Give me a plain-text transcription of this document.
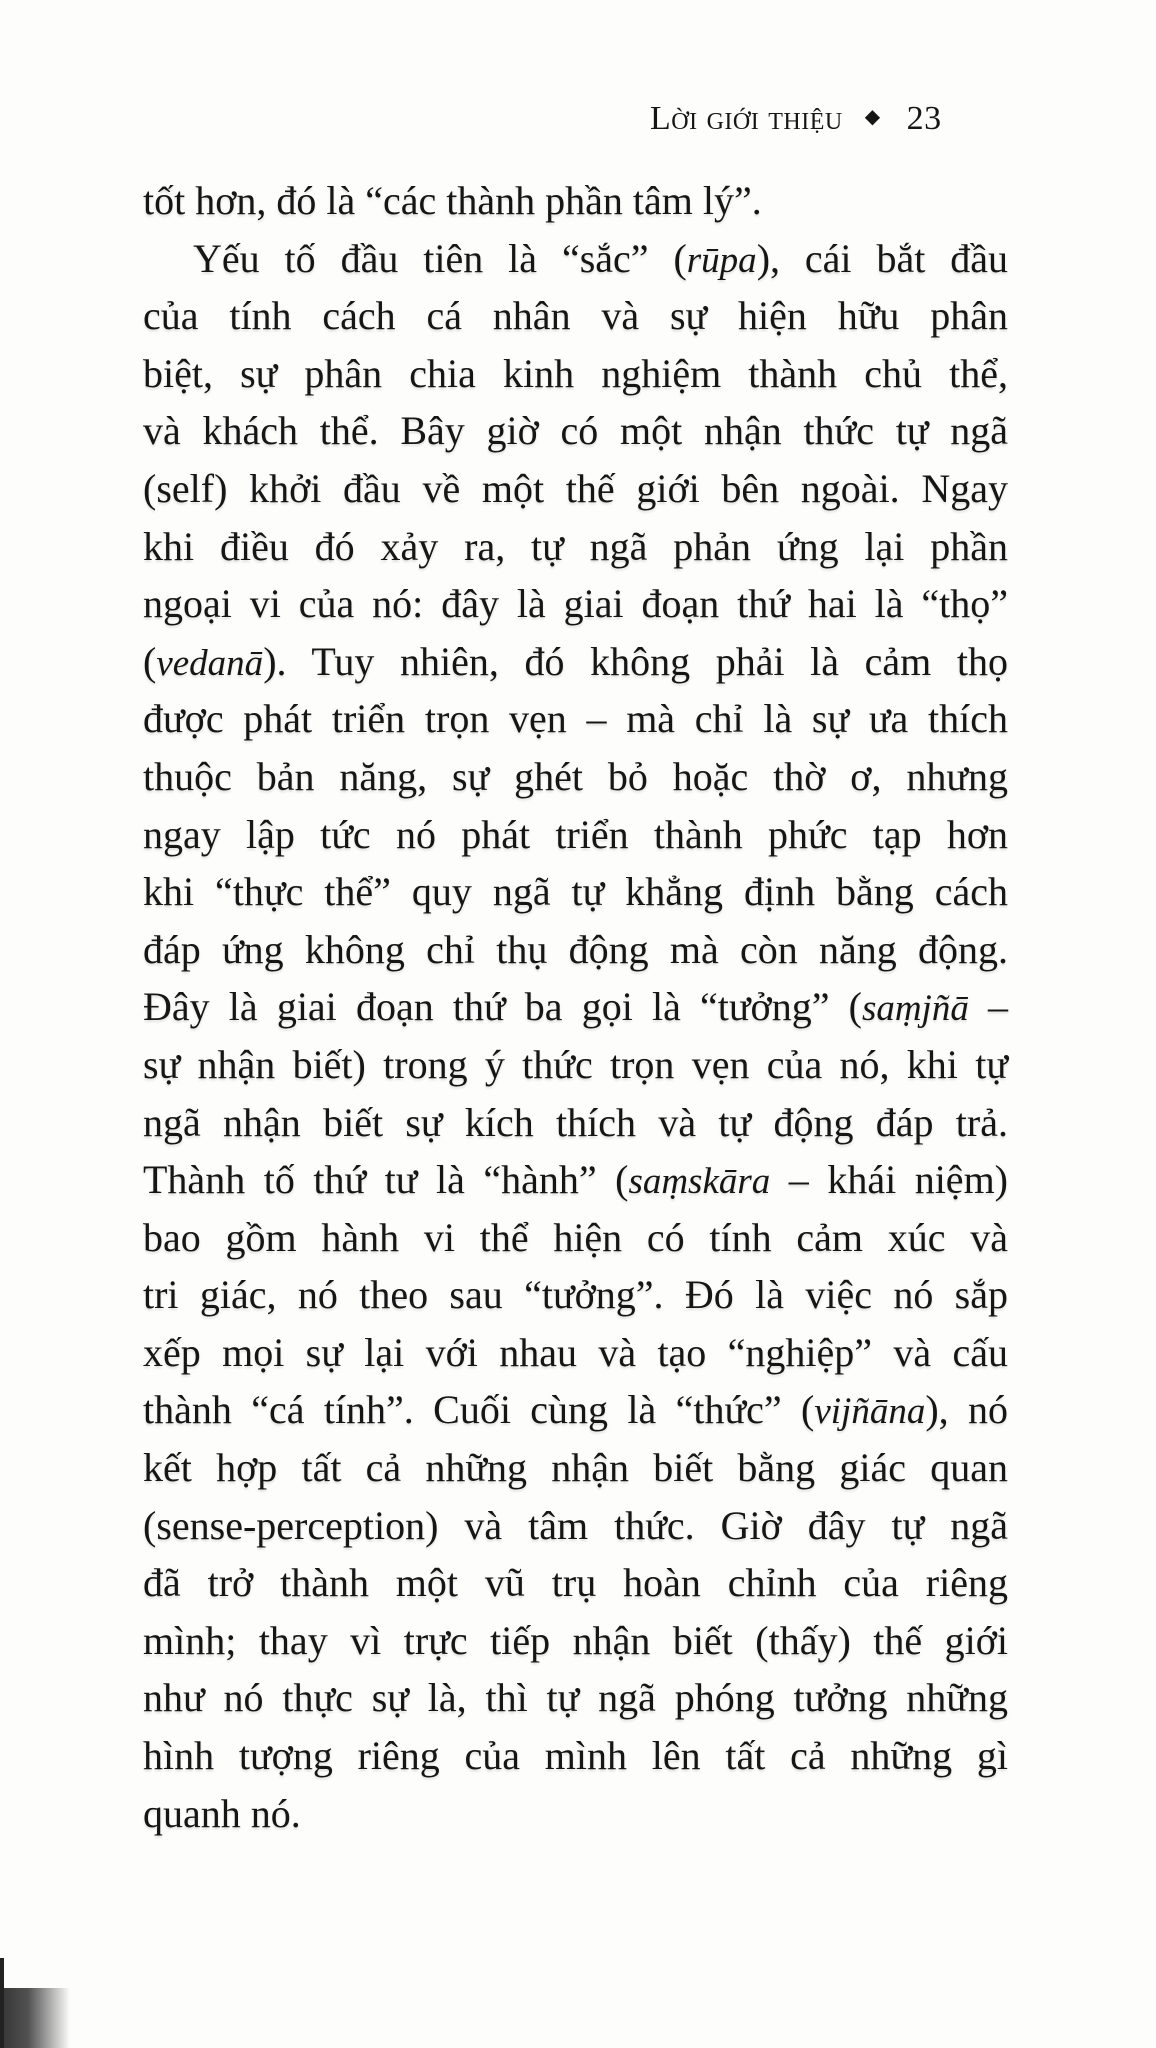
Lời giới thiệu ◆ 23
tốt hơn, đó là “các thành phần tâm lý”.
Yếu tố đầu tiên là “sắc” (rūpa), cái bắt đầu
của tính cách cá nhân và sự hiện hữu phân
biệt, sự phân chia kinh nghiệm thành chủ thể,
và khách thể. Bây giờ có một nhận thức tự ngã
(self) khởi đầu về một thế giới bên ngoài. Ngay
khi điều đó xảy ra, tự ngã phản ứng lại phần
ngoại vi của nó: đây là giai đoạn thứ hai là “thọ”
(vedanā). Tuy nhiên, đó không phải là cảm thọ
được phát triển trọn vẹn – mà chỉ là sự ưa thích
thuộc bản năng, sự ghét bỏ hoặc thờ ơ, nhưng
ngay lập tức nó phát triển thành phức tạp hơn
khi “thực thể” quy ngã tự khẳng định bằng cách
đáp ứng không chỉ thụ động mà còn năng động.
Đây là giai đoạn thứ ba gọi là “tưởng” (saṃjñā –
sự nhận biết) trong ý thức trọn vẹn của nó, khi tự
ngã nhận biết sự kích thích và tự động đáp trả.
Thành tố thứ tư là “hành” (saṃskāra – khái niệm)
bao gồm hành vi thể hiện có tính cảm xúc và
tri giác, nó theo sau “tưởng”. Đó là việc nó sắp
xếp mọi sự lại với nhau và tạo “nghiệp” và cấu
thành “cá tính”. Cuối cùng là “thức” (vijñāna), nó
kết hợp tất cả những nhận biết bằng giác quan
(sense-perception) và tâm thức. Giờ đây tự ngã
đã trở thành một vũ trụ hoàn chỉnh của riêng
mình; thay vì trực tiếp nhận biết (thấy) thế giới
như nó thực sự là, thì tự ngã phóng tưởng những
hình tượng riêng của mình lên tất cả những gì
quanh nó.
